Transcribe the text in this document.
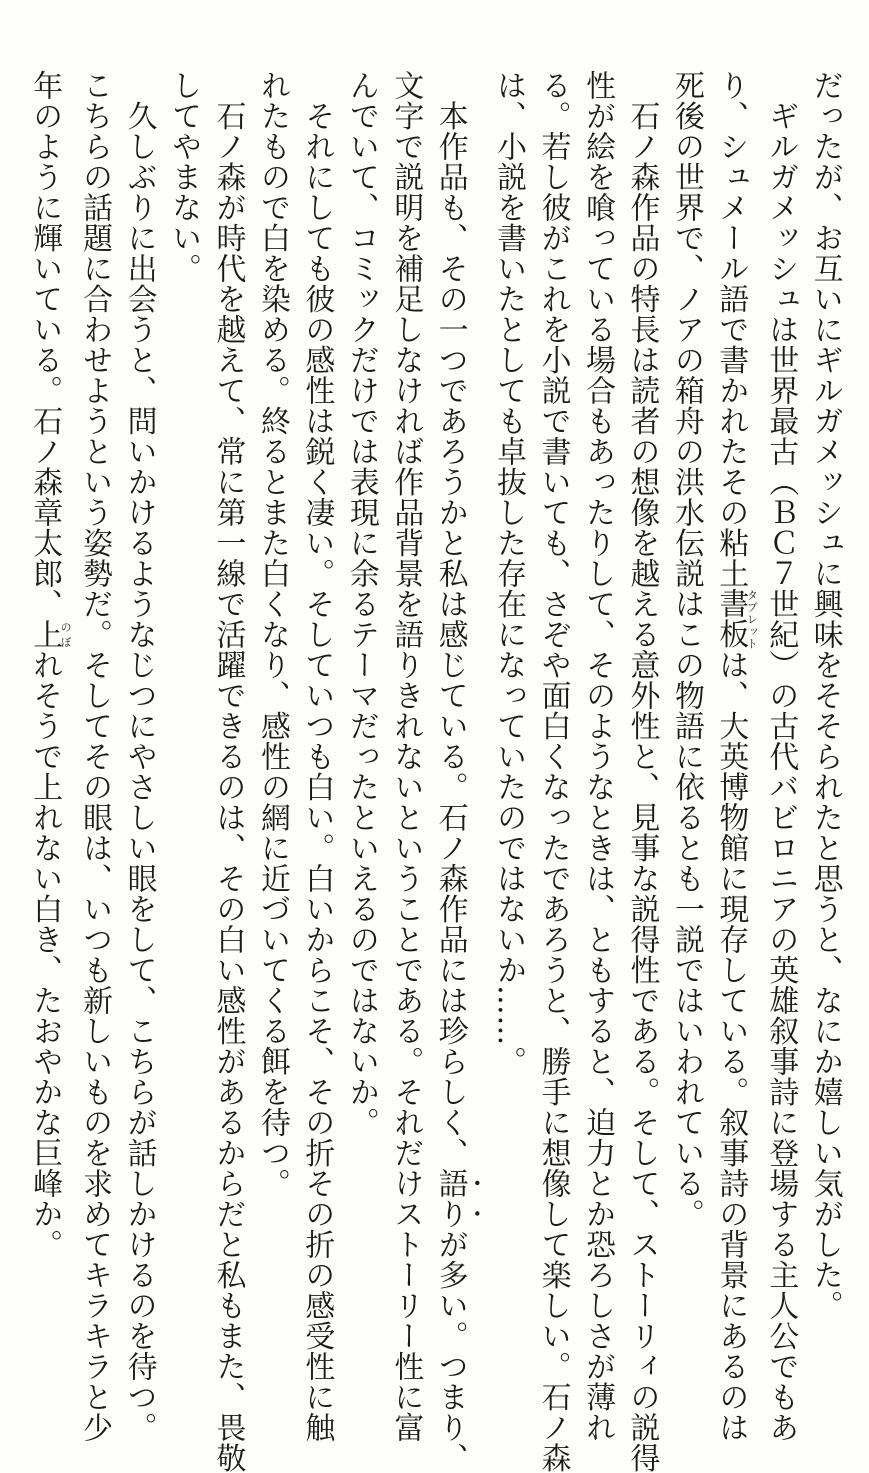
だったが、お互いにギルガメッシュに興味をそそられたと思うと、なにか嬉しい気がした。
　ギルガメッシュは世界最古（ＢＣ７世紀）の古代バビロニアの英雄叙事詩に登場する主人公でもあ
り、シュメール語で書かれたその粘土書板タブレットは、大英博物館に現存している。叙事詩の背景にあるのは
死後の世界で、ノアの箱舟の洪水伝説はこの物語に依るとも一説ではいわれている。
　石ノ森作品の特長は読者の想像を越える意外性と、見事な説得性である。そして、ストーリィの説得
性が絵を喰っている場合もあったりして、そのようなときは、ともすると、迫力とか恐ろしさが薄れ
る。若し彼がこれを小説で書いても、さぞや面白くなったであろうと、勝手に想像して楽しい。石ノ森
は、小説を書いたとしても卓抜した存在になっていたのではないか……。
　本作品も、その一つであろうかと私は感じている。石ノ森作品には珍らしく、語りが多い。つまり、
文字で説明を補足しなければ作品背景を語りきれないということである。それだけストーリー性に富
んでいて、コミックだけでは表現に余るテーマだったといえるのではないか。
　それにしても彼の感性は鋭く凄い。そしていつも白い。白いからこそ、その折その折の感受性に触
れたもので白を染める。終るとまた白くなり、感性の網に近づいてくる餌を待つ。
　石ノ森が時代を越えて、常に第一線で活躍できるのは、その白い感性があるからだと私もまた、畏敬
してやまない。
　久しぶりに出会うと、問いかけるようなじつにやさしい眼をして、こちらが話しかけるのを待つ。
こちらの話題に合わせようという姿勢だ。そしてその眼は、いつも新しいものを求めてキラキラと少
年のように輝いている。石ノ森章太郎、上のぼれそうで上れない白き、たおやかな巨峰か。
